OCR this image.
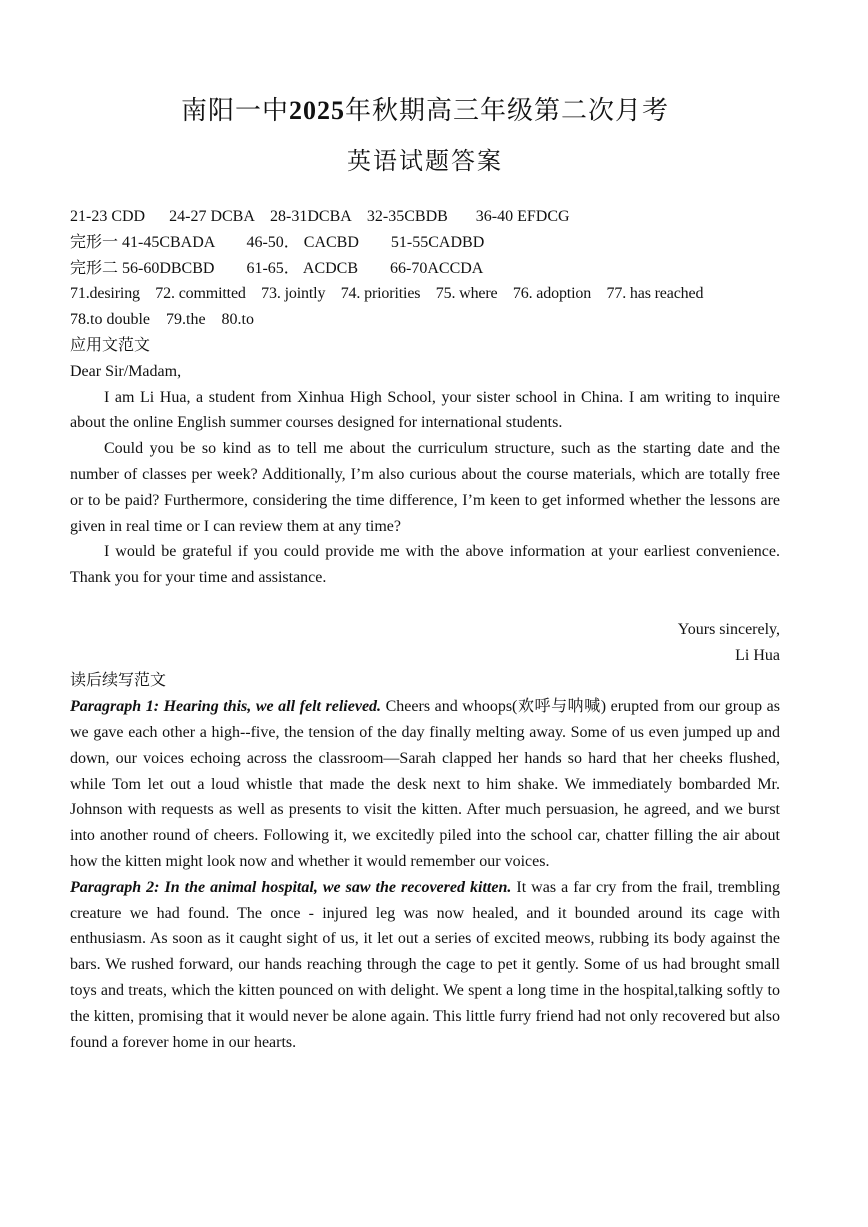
南阳一中2025年秋期高三年级第二次月考
英语试题答案
21-23 CDD      24-27 DCBA    28-31DCBA    32-35CBDB       36-40 EFDCG
完形一 41-45CBADA        46-50． CACBD        51-55CADBD
完形二 56-60DBCBD        61-65． ACDCB        66-70ACCDA
71.desiring    72. committed    73. jointly    74. priorities    75. where    76. adoption    77. has reached
78.to double    79.the    80.to
应用文范文

Dear Sir/Madam,

I am Li Hua, a student from Xinhua High School, your sister school in China. I am writing to inquire about the online English summer courses designed for international students.

Could you be so kind as to tell me about the curriculum structure, such as the starting date and the number of classes per week? Additionally, I’m also curious about the course materials, which are totally free or to be paid? Furthermore, considering the time difference, I’m keen to get informed whether the lessons are given in real time or I can review them at any time?

I would be grateful if you could provide me with the above information at your earliest convenience. Thank you for your time and assistance.

Yours sincerely,
Li Hua
读后续写范文

Paragraph 1: Hearing this, we all felt relieved. Cheers and whoops(欢呼与呐喊) erupted from our group as we gave each other a high--five, the tension of the day finally melting away. Some of us even jumped up and down, our voices echoing across the classroom—Sarah clapped her hands so hard that her cheeks flushed, while Tom let out a loud whistle that made the desk next to him shake. We immediately bombarded Mr. Johnson with requests as well as presents to visit the kitten. After much persuasion, he agreed, and we burst into another round of cheers. Following it, we excitedly piled into the school car, chatter filling the air about how the kitten might look now and whether it would remember our voices.

Paragraph 2: In the animal hospital, we saw the recovered kitten. It was a far cry from the frail, trembling creature we had found. The once - injured leg was now healed, and it bounded around its cage with enthusiasm. As soon as it caught sight of us, it let out a series of excited meows, rubbing its body against the bars. We rushed forward, our hands reaching through the cage to pet it gently. Some of us had brought small toys and treats, which the kitten pounced on with delight. We spent a long time in the hospital,talking softly to the kitten, promising that it would never be alone again. This little furry friend had not only recovered but also found a forever home in our hearts.
